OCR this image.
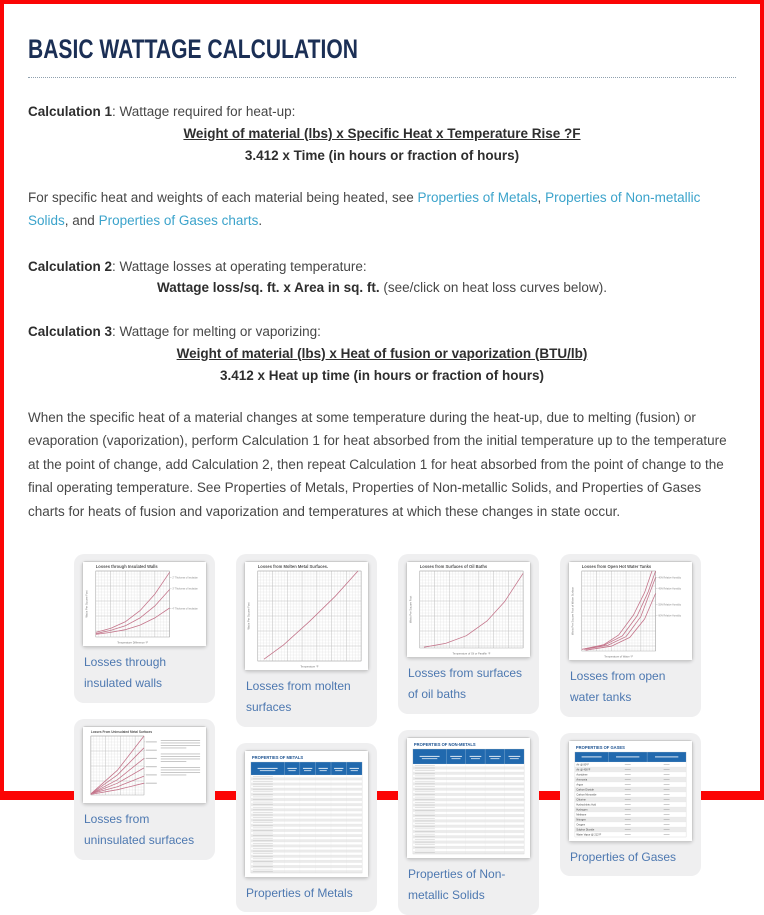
BASIC WATTAGE CALCULATION
Calculation 1: Wattage required for heat-up:
Weight of material (lbs) x Specific Heat x Temperature Rise ?F
3.412 x Time (in hours or fraction of hours)

For specific heat and weights of each material being heated, see Properties of Metals, Properties of Non-metallic Solids, and Properties of Gases charts.

Calculation 2: Wattage losses at operating temperature:
Wattage loss/sq. ft. x Area in sq. ft. (see/click on heat loss curves below).
Calculation 3: Wattage for melting or vaporizing:
Weight of material (lbs) x Heat of fusion or vaporization (BTU/lb)
3.412 x Heat up time (in hours or fraction of hours)

When the specific heat of a material changes at some temperature during the heat-up, due to melting (fusion) or evaporation (vaporization), perform Calculation 1 for heat absorbed from the initial temperature up to the temperature at the point of change, add Calculation 2, then repeat Calculation 1 for heat absorbed from the point of change to the final operating temperature. See Properties of Metals, Properties of Non-metallic Solids, and Properties of Gases charts for heats of fusion and vaporization and temperatures at which these changes in state occur.

Losses through Insulated Walls
2" Thickness of Insulation
3" Thickness of Insulation
4" Thickness of Insulation
Watts Per Square Foot
Temperature Difference °F
Losses through insulated walls
Losses From Uninsulated Metal Surfaces
Losses from uninsulated surfaces
Losses from Molten Metal Surfaces.
Watts Per Square Foot
Temperature °F
Losses from molten surfaces
PROPERTIES OF METALS
Properties of Metals
Losses from Surfaces of Oil Baths
Watts Per Square Foot
Temperature of Oil or Paraffin °F
Losses from surfaces of oil baths
PROPERTIES OF NON-METALS
Properties of Non-metallic Solids
Losses from Open Hot Water Tanks
40% Relative Humidity
45% Relative Humidity
55% Relative Humidity
60% Relative Humidity
Watts Per Square Foot of Water Surface
Temperature of Water °F
Losses from open water tanks
PROPERTIES OF GASES
Air @ 80°F
Air @ 400°F
Acetylene
Ammonia
Argon
Carbon Dioxide
Carbon Monoxide
Chlorine
Hydrochloric Acid
Hydrogen
Methane
Nitrogen
Oxygen
Sulphur Dioxide
Water Vapor @ 212°F
Properties of Gases
